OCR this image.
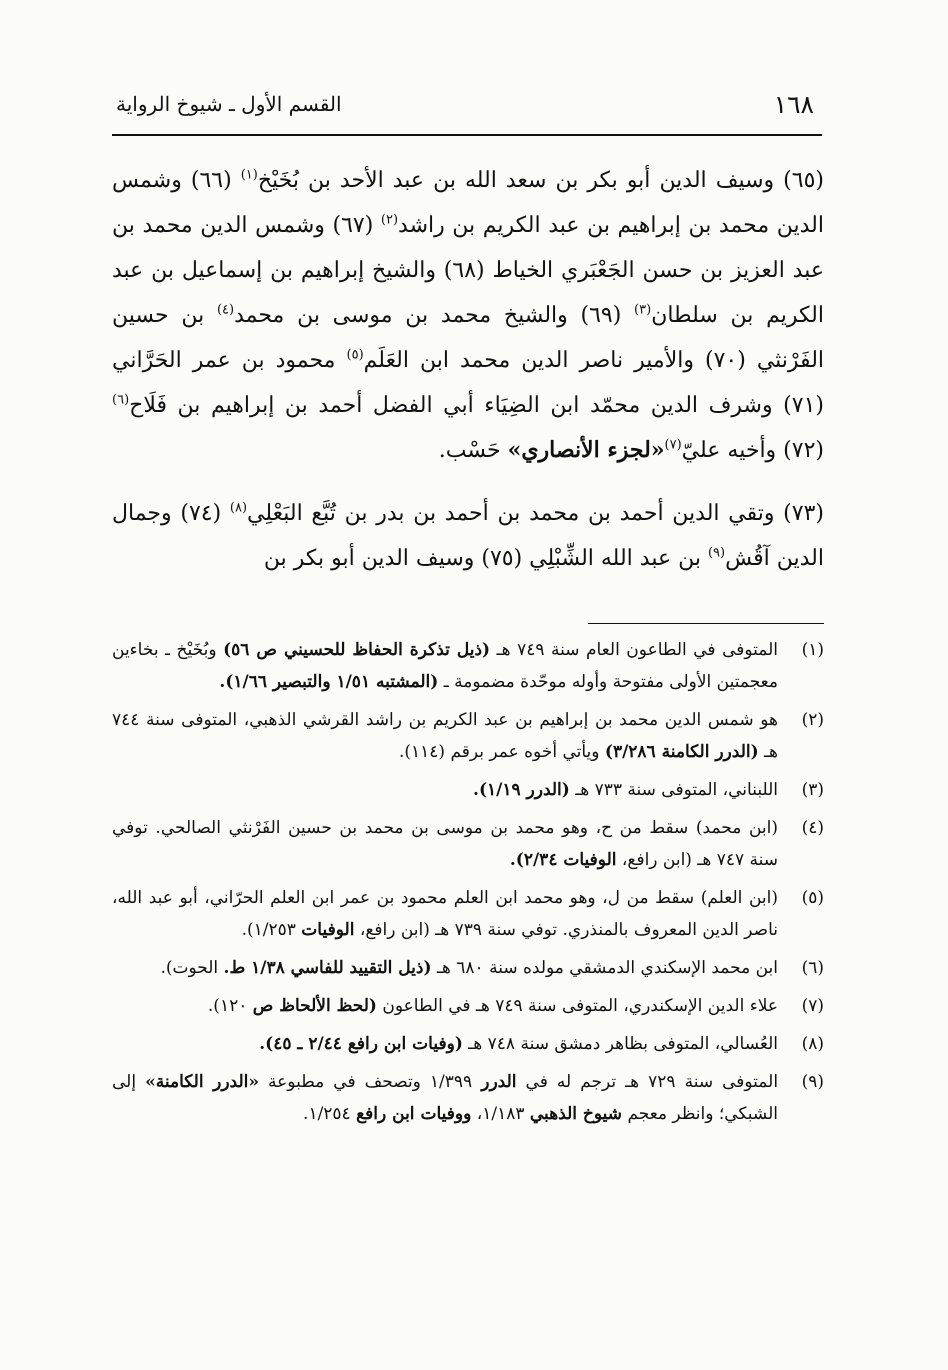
١٦٨
القسم الأول ـ شيوخ الرواية

(٦٥) وسيف الدين أبو بكر بن سعد الله بن عبد الأحد بن بُخَيْخ$^{(١)}$ (٦٦) وشمس الدين محمد بن إبراهيم بن عبد الكريم بن راشد$^{(٢)}$ (٦٧) وشمس الدين محمد بن عبد العزيز بن حسن الجَعْبَري الخياط (٦٨) والشيخ إبراهيم بن إسماعيل بن عبد الكريم بن سلطان$^{(٣)}$ (٦٩) والشيخ محمد بن موسى بن محمد$^{(٤)}$ بن حسين الفَرْنثي (٧٠) والأمير ناصر الدين محمد ابن العَلَم$^{(٥)}$ محمود بن عمر الحَرَّاني (٧١) وشرف الدين محمّد ابن الضِيَاء أبي الفضل أحمد بن إبراهيم بن فَلَاح$^{(٦)}$ (٧٢) وأخيه عليّ$^{(٧)}$«لجزء الأنصاري» حَسْب.

(٧٣) وتقي الدين أحمد بن محمد بن أحمد بن بدر بن تُبَّع البَعْلِي$^{(٨)}$ (٧٤) وجمال الدين آقُش$^{(٩)}$ بن عبد الله الشِّبْلِي (٧٥) وسيف الدين أبو بكر بن

(١)
المتوفى في الطاعون العام سنة ٧٤٩ هـ (ذيل تذكرة الحفاظ للحسيني ص ٥٦) وبُخَيْخ ـ بخاءين معجمتين الأولى مفتوحة وأوله موحّدة مضمومة ـ (المشتبه ١/٥١ والتبصير ١/٦٦).
(٢)
هو شمس الدين محمد بن إبراهيم بن عبد الكريم بن راشد القرشي الذهبي، المتوفى سنة ٧٤٤ هـ (الدرر الكامنة ٣/٢٨٦) ويأتي أخوه عمر برقم (١١٤).
(٣)
اللبناني، المتوفى سنة ٧٣٣ هـ (الدرر ١/١٩).
(٤)
(ابن محمد) سقط من ح، وهو محمد بن موسى بن محمد بن حسين الفَرْنثي الصالحي. توفي سنة ٧٤٧ هـ (ابن رافع، الوفيات ٢/٣٤).
(٥)
(ابن العلم) سقط من ل، وهو محمد ابن العلم محمود بن عمر ابن العلم الحرّاني، أبو عبد الله، ناصر الدين المعروف بالمنذري. توفي سنة ٧٣٩ هـ (ابن رافع، الوفيات ١/٢٥٣).
(٦)
ابن محمد الإسكندي الدمشقي مولده سنة ٦٨٠ هـ (ذيل التقييد للفاسي ١/٣٨ ط. الحوت).
(٧)
علاء الدين الإسكندري، المتوفى سنة ٧٤٩ هـ في الطاعون (لحظ الألحاظ ص ١٢٠).
(٨)
العُسالي، المتوفى بظاهر دمشق سنة ٧٤٨ هـ (وفيات ابن رافع ٢/٤٤ ـ ٤٥).
(٩)
المتوفى سنة ٧٢٩ هـ ترجم له في الدرر ١/٣٩٩ وتصحف في مطبوعة «الدرر الكامنة» إلى الشبكي؛ وانظر معجم شيوخ الذهبي ١/١٨٣، ووفيات ابن رافع ١/٢٥٤.
